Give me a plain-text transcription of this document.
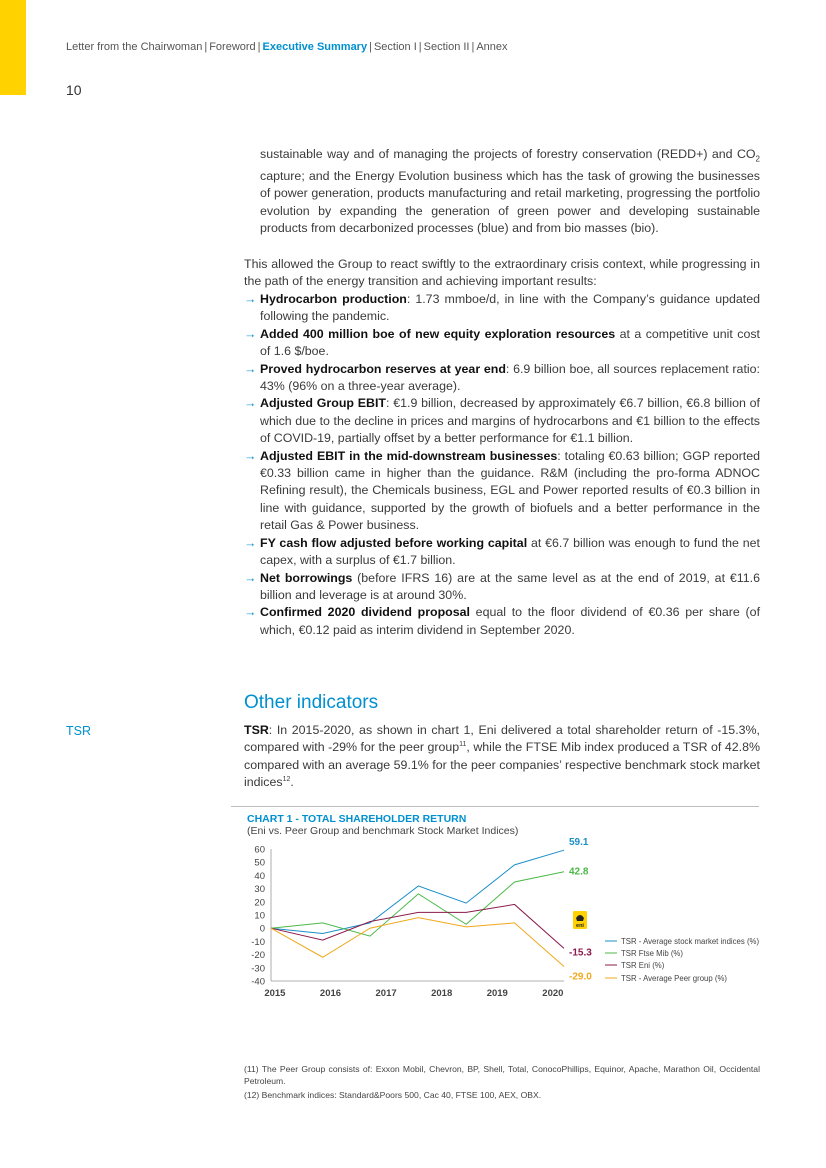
Letter from the Chairwoman | Foreword | Executive Summary | Section I | Section II | Annex
10
sustainable way and of managing the projects of forestry conservation (REDD+) and $CO_2$ capture; and the Energy Evolution business which has the task of growing the businesses of power generation, products manufacturing and retail marketing, progressing the portfolio evolution by expanding the generation of green power and developing sustainable products from decarbonized processes (blue) and from bio masses (bio).
This allowed the Group to react swiftly to the extraordinary crisis context, while progressing in the path of the energy transition and achieving important results:
→ Hydrocarbon production: 1.73 mmboe/d, in line with the Company’s guidance updated following the pandemic.
→ Added 400 million boe of new equity exploration resources at a competitive unit cost of 1.6 $/boe.
→ Proved hydrocarbon reserves at year end: 6.9 billion boe, all sources replacement ratio: 43% (96% on a three-year average).
→ Adjusted Group EBIT: €1.9 billion, decreased by approximately €6.7 billion, €6.8 billion of which due to the decline in prices and margins of hydrocarbons and €1 billion to the effects of COVID-19, partially offset by a better performance for €1.1 billion.
→ Adjusted EBIT in the mid-downstream businesses: totaling €0.63 billion; GGP reported €0.33 billion came in higher than the guidance. R&M (including the pro-forma ADNOC Refining result), the Chemicals business, EGL and Power reported results of €0.3 billion in line with guidance, supported by the growth of biofuels and a better performance in the retail Gas & Power business.
→ FY cash flow adjusted before working capital at €6.7 billion was enough to fund the net capex, with a surplus of €1.7 billion.
→ Net borrowings (before IFRS 16) are at the same level as at the end of 2019, at €11.6 billion and leverage is at around 30%.
→ Confirmed 2020 dividend proposal equal to the floor dividend of €0.36 per share (of which, €0.12 paid as interim dividend in September 2020.
Other indicators
TSR	TSR: In 2015-2020, as shown in chart 1, Eni delivered a total shareholder return of -15.3%, compared with -29% for the peer group$^{11}$, while the FTSE Mib index produced a TSR of 42.8% compared with an average 59.1% for the peer companies’ respective benchmark stock market indices$^{12}$.
CHART 1 - TOTAL SHAREHOLDER RETURN
(Eni vs. Peer Group and benchmark Stock Market Indices)
60
50
40
30
20
10
0
-10
-20
-30
-40
2015	2016	2017	2018	2019	2020
59.1
42.8
-15.3
-29.0
eni
TSR - Average stock market indices (%)
TSR Ftse Mib (%)
TSR Eni (%)
TSR - Average Peer group (%)
(11) The Peer Group consists of: Exxon Mobil, Chevron, BP, Shell, Total, ConocoPhillips, Equinor, Apache, Marathon Oil, Occidental Petroleum.
(12) Benchmark indices: Standard&Poors 500, Cac 40, FTSE 100, AEX, OBX.
